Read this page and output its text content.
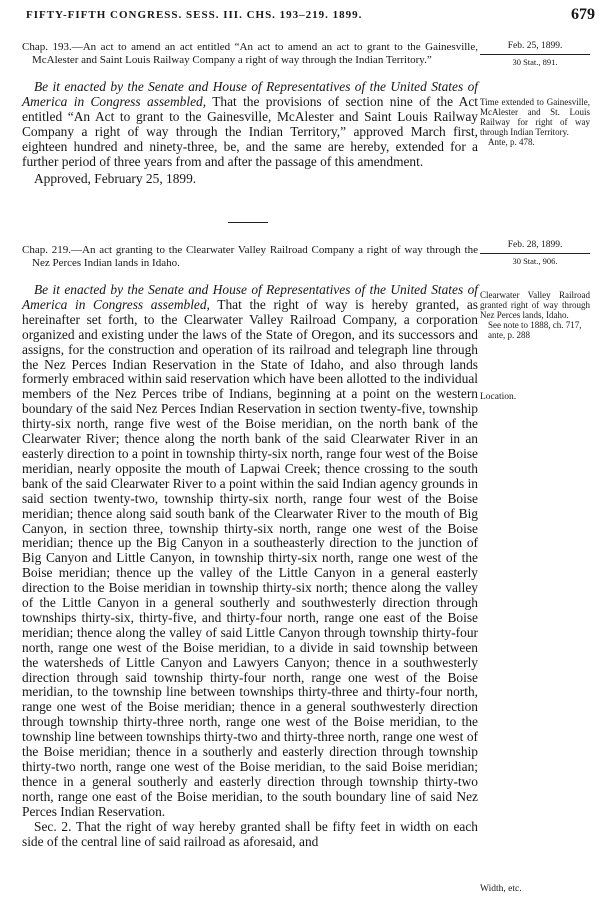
FIFTY-FIFTH CONGRESS. SESS. III. CHS. 193–219. 1899.	679
Chap. 193.—An act to amend an act entitled “An act to amend an act to grant to the Gainesville, McAlester and Saint Louis Railway Company a right of way through the Indian Territory.”

Be it enacted by the Senate and House of Representatives of the United States of America in Congress assembled, That the provisions of section nine of the Act entitled “An Act to grant to the Gainesville, McAlester and Saint Louis Railway Company a right of way through the Indian Territory,” approved March first, eighteen hundred and ninety-three, be, and the same are hereby, extended for a further period of three years from and after the passage of this amendment.

Approved, February 25, 1899.

Feb. 25, 1899.
30 Stat., 891.
Time extended to Gainesville, McAlester and St. Louis Railway for right of way through Indian Territory.
Ante, p. 478.
Chap. 219.—An act granting to the Clearwater Valley Railroad Company a right of way through the Nez Perces Indian lands in Idaho.

Be it enacted by the Senate and House of Representatives of the United States of America in Congress assembled, That the right of way is hereby granted, as hereinafter set forth, to the Clearwater Valley Railroad Company, a corporation organized and existing under the laws of the State of Oregon, and its successors and assigns, for the construction and operation of its railroad and telegraph line through the Nez Perces Indian Reservation in the State of Idaho, and also through lands formerly embraced within said reservation which have been allotted to the individual members of the Nez Perces tribe of Indians, beginning at a point on the western boundary of the said Nez Perces Indian Reservation in section twenty-five, township thirty-six north, range five west of the Boise meridian, on the north bank of the Clearwater River; thence along the north bank of the said Clearwater River in an easterly direction to a point in township thirty-six north, range four west of the Boise meridian, nearly opposite the mouth of Lapwai Creek; thence crossing to the south bank of the said Clearwater River to a point within the said Indian agency grounds in said section twenty-two, township thirty-six north, range four west of the Boise meridian; thence along said south bank of the Clearwater River to the mouth of Big Canyon, in section three, township thirty-six north, range one west of the Boise meridian; thence up the Big Canyon in a southeasterly direction to the junction of Big Canyon and Little Canyon, in township thirty-six north, range one west of the Boise meridian; thence up the valley of the Little Canyon in a general easterly direction to the Boise meridian in township thirty-six north; thence along the valley of the Little Canyon in a general southerly and southwesterly direction through townships thirty-six, thirty-five, and thirty-four north, range one east of the Boise meridian; thence along the valley of said Little Canyon through township thirty-four north, range one west of the Boise meridian, to a divide in said township between the watersheds of Little Canyon and Lawyers Canyon; thence in a southwesterly direction through said township thirty-four north, range one west of the Boise meridian, to the township line between townships thirty-three and thirty-four north, range one west of the Boise meridian; thence in a general southwesterly direction through township thirty-three north, range one west of the Boise meridian, to the township line between townships thirty-two and thirty-three north, range one west of the Boise meridian; thence in a southerly and easterly direction through township thirty-two north, range one west of the Boise meridian, to the said Boise meridian; thence in a general southerly and easterly direction through township thirty-two north, range one east of the Boise meridian, to the south boundary line of said Nez Perces Indian Reservation.

Sec. 2. That the right of way hereby granted shall be fifty feet in width on each side of the central line of said railroad as aforesaid, and

Feb. 28, 1899.
30 Stat., 906.
Clearwater Valley Railroad granted right of way through Nez Perces lands, Idaho.
See note to 1888, ch. 717, ante, p. 288
Location.
Width, etc.
